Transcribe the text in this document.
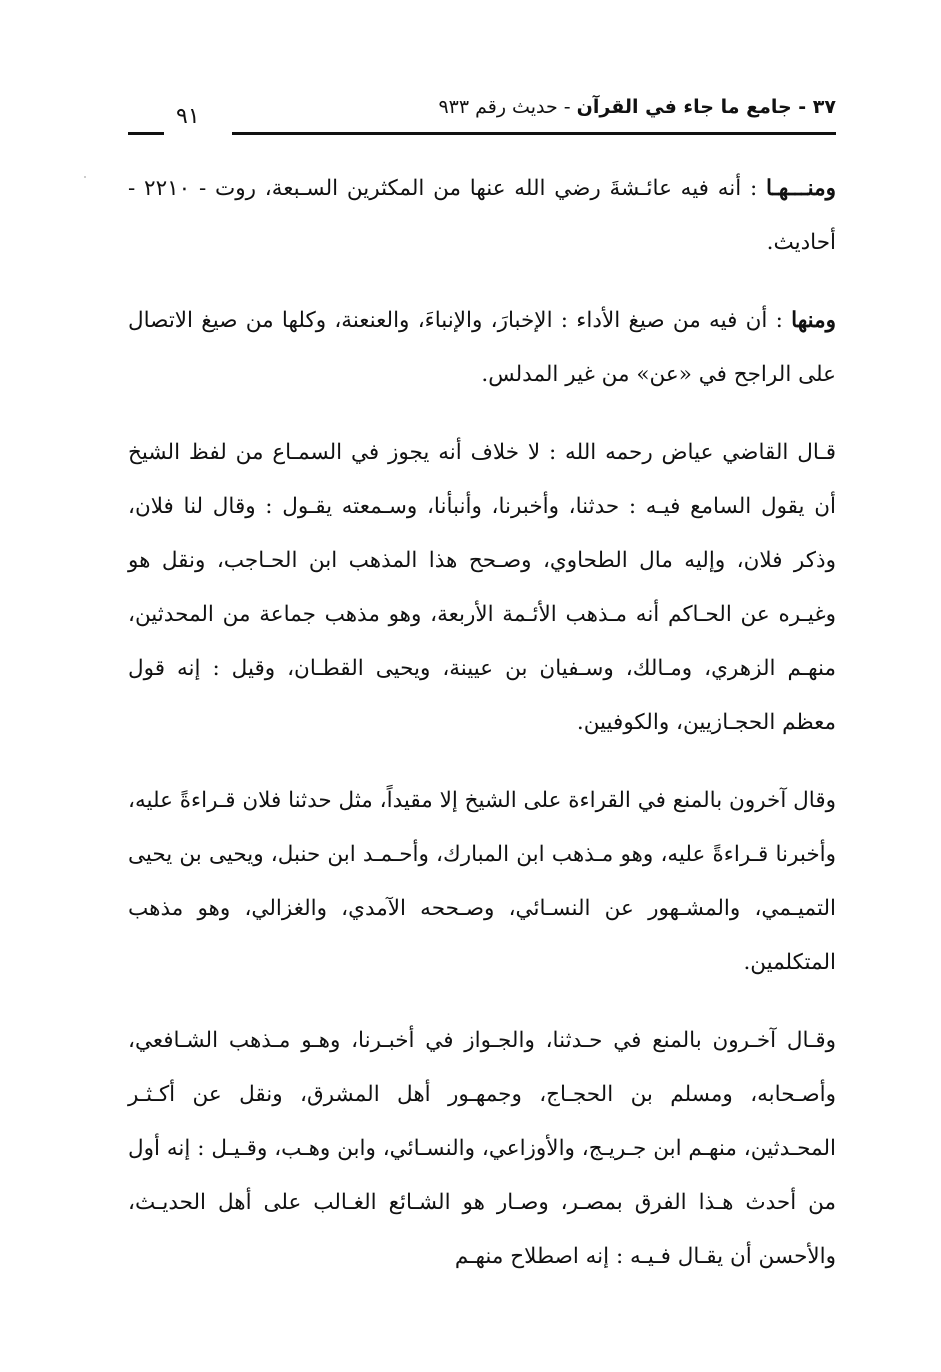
٣٧ - جامع ما جاء في القرآن - حديث رقم ٩٣٣
٩١

ومنـــهـا : أنه فيه عائـشةَ رضي الله عنها من المكثرين السـبعة، روت - ٢٢١٠ - أحاديث.

ومنها : أن فيه من صيغ الأداء : الإخبارَ، والإنباءَ، والعنعنة، وكلها من صيغ الاتصال على الراجح في «عن» من غير المدلس.

قـال القاضي عياض رحمه الله : لا خلاف أنه يجوز في السمـاع من لفظ الشيخ أن يقول السامع فيـه : حدثنا، وأخبرنا، وأنبأنا، وسـمعته يقـول : وقال لنا فلان، وذكر فلان، وإليه مال الطحاوي، وصـحح هذا المذهب ابن الحـاجب، ونقل هو وغيـره عن الحـاكم أنه مـذهب الأئـمة الأربعة، وهو مذهب جماعة من المحدثين، منهـم الزهري، ومـالك، وسـفيان بن عيينة، ويحيى القطـان، وقيل : إنه قول معظم الحجـازيين، والكوفيين.

وقال آخرون بالمنع في القراءة على الشيخ إلا مقيداً، مثل حدثنا فلان قـراءةً عليه، وأخبرنا قـراءةً عليه، وهو مـذهب ابن المبارك، وأحـمـد ابن حنبل، ويحيى بن يحيى التميـمي، والمشـهور عن النسـائي، وصـححه الآمدي، والغزالي، وهو مذهب المتكلمين.

وقـال آخـرون بالمنع في حـدثنا، والجـواز في أخبـرنا، وهـو مـذهب الشـافعي، وأصـحابه، ومسلم بن الحجـاج، وجمهـور أهل المشرق، ونقل عن أكـثـر المحـدثين، منهـم ابن جـريـج، والأوزاعي، والنسـائي، وابن وهـب، وقـيـل : إنه أول من أحدث هـذا الفرق بمصـر، وصـار هو الشـائع الغـالب على أهل الحديـث، والأحسن أن يقـال فـيـه : إنه اصطلاح منهـم
